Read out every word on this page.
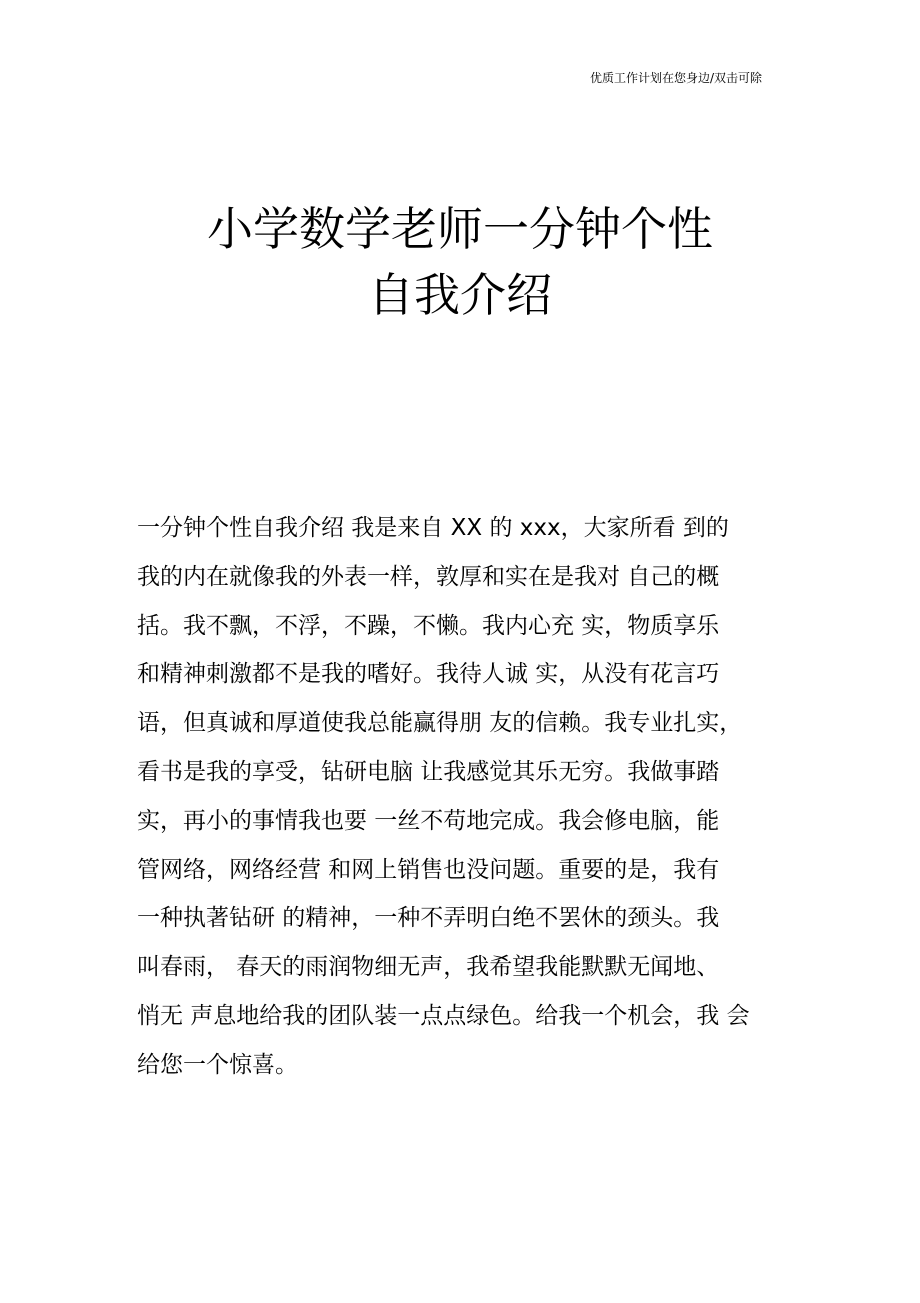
优质工作计划在您身边/双击可除
小学数学老师一分钟个性
自我介绍
一分钟个性自我介绍 我是来自 XX 的 xxx，大家所看 到的
我的内在就像我的外表一样，敦厚和实在是我对 自己的概
括。我不飘，不浮，不躁，不懒。我内心充 实，物质享乐
和精神刺激都不是我的嗜好。我待人诚 实，从没有花言巧
语，但真诚和厚道使我总能赢得朋 友的信赖。我专业扎实，
看书是我的享受，钻研电脑 让我感觉其乐无穷。我做事踏
实，再小的事情我也要 一丝不苟地完成。我会修电脑，能
管网络，网络经营 和网上销售也没问题。重要的是，我有
一种执著钻研 的精神，一种不弄明白绝不罢休的颈头。我
叫春雨， 春天的雨润物细无声，我希望我能默默无闻地、
悄无 声息地给我的团队装一点点绿色。给我一个机会，我 会
给您一个惊喜。
